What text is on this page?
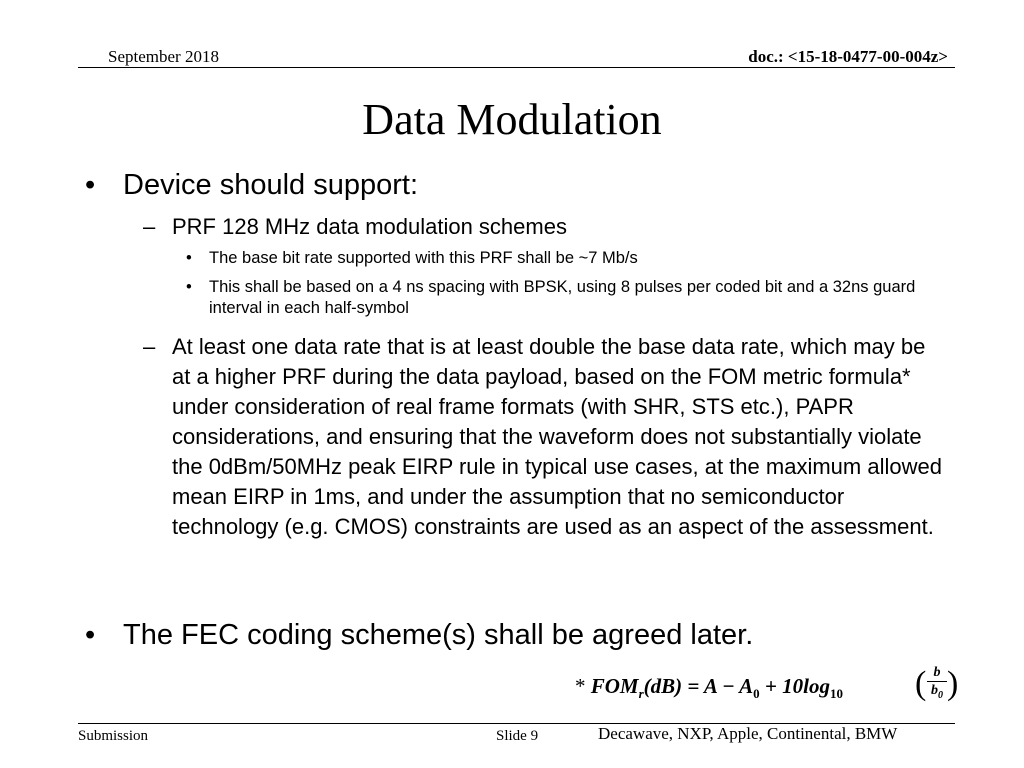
September 2018	doc.: <15-18-0477-00-004z>
Data Modulation
• Device should support:
– PRF 128 MHz data modulation schemes
• The base bit rate supported with this PRF shall be ~7 Mb/s
• This shall be based on a 4 ns spacing with BPSK, using 8 pulses per coded bit and a 32ns guard interval in each half-symbol
– At least one data rate that is at least double the base data rate, which may be at a higher PRF during the data payload, based on the FOM metric formula* under consideration of real frame formats (with SHR, STS etc.), PAPR considerations, and ensuring that the waveform does not substantially violate the 0dBm/50MHz peak EIRP rule in typical use cases, at the maximum allowed mean EIRP in 1ms, and under the assumption that no semiconductor technology (e.g. CMOS) constraints are used as an aspect of the assessment.
• The FEC coding scheme(s) shall be agreed later.
* $FOM_r(dB) = A - A_0 + 10\log_{10}$ ( $\frac{b}{b_0}$ )
Submission	Slide 9	Decawave, NXP, Apple, Continental, BMW
